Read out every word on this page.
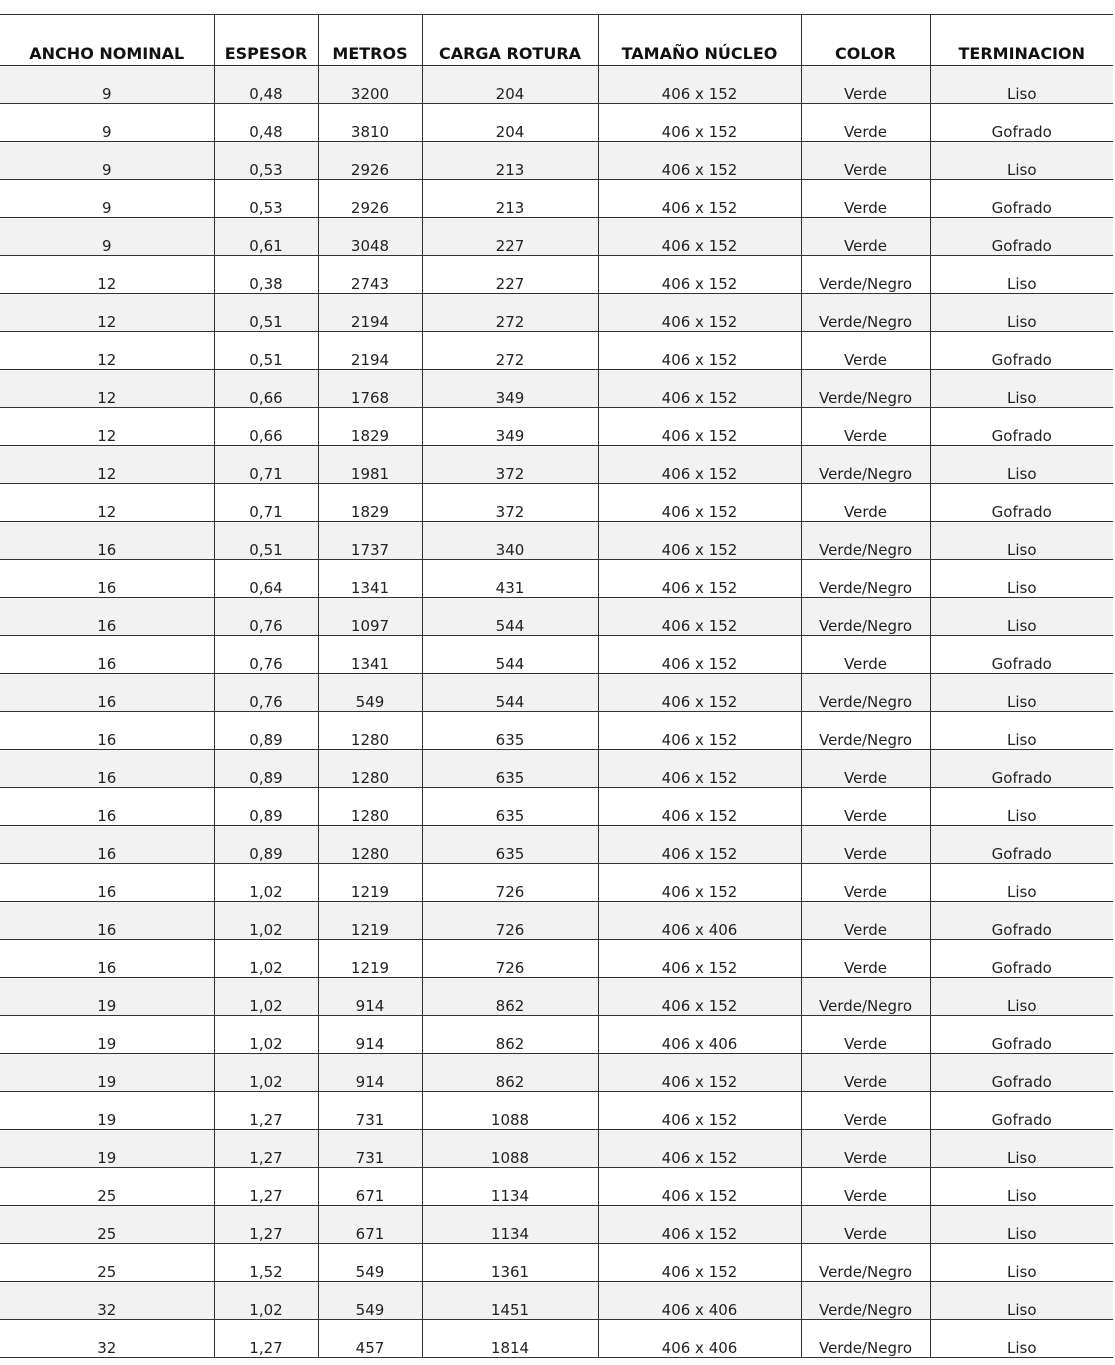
ANCHO NOMINAL	ESPESOR	METROS	CARGA ROTURA	TAMAÑO NÚCLEO	COLOR	TERMINACION
9	0,48	3200	204	406 x 152	Verde	Liso
9	0,48	3810	204	406 x 152	Verde	Gofrado
9	0,53	2926	213	406 x 152	Verde	Liso
9	0,53	2926	213	406 x 152	Verde	Gofrado
9	0,61	3048	227	406 x 152	Verde	Gofrado
12	0,38	2743	227	406 x 152	Verde/Negro	Liso
12	0,51	2194	272	406 x 152	Verde/Negro	Liso
12	0,51	2194	272	406 x 152	Verde	Gofrado
12	0,66	1768	349	406 x 152	Verde/Negro	Liso
12	0,66	1829	349	406 x 152	Verde	Gofrado
12	0,71	1981	372	406 x 152	Verde/Negro	Liso
12	0,71	1829	372	406 x 152	Verde	Gofrado
16	0,51	1737	340	406 x 152	Verde/Negro	Liso
16	0,64	1341	431	406 x 152	Verde/Negro	Liso
16	0,76	1097	544	406 x 152	Verde/Negro	Liso
16	0,76	1341	544	406 x 152	Verde	Gofrado
16	0,76	549	544	406 x 152	Verde/Negro	Liso
16	0,89	1280	635	406 x 152	Verde/Negro	Liso
16	0,89	1280	635	406 x 152	Verde	Gofrado
16	0,89	1280	635	406 x 152	Verde	Liso
16	0,89	1280	635	406 x 152	Verde	Gofrado
16	1,02	1219	726	406 x 152	Verde	Liso
16	1,02	1219	726	406 x 406	Verde	Gofrado
16	1,02	1219	726	406 x 152	Verde	Gofrado
19	1,02	914	862	406 x 152	Verde/Negro	Liso
19	1,02	914	862	406 x 406	Verde	Gofrado
19	1,02	914	862	406 x 152	Verde	Gofrado
19	1,27	731	1088	406 x 152	Verde	Gofrado
19	1,27	731	1088	406 x 152	Verde	Liso
25	1,27	671	1134	406 x 152	Verde	Liso
25	1,27	671	1134	406 x 152	Verde	Liso
25	1,52	549	1361	406 x 152	Verde/Negro	Liso
32	1,02	549	1451	406 x 406	Verde/Negro	Liso
32	1,27	457	1814	406 x 406	Verde/Negro	Liso
